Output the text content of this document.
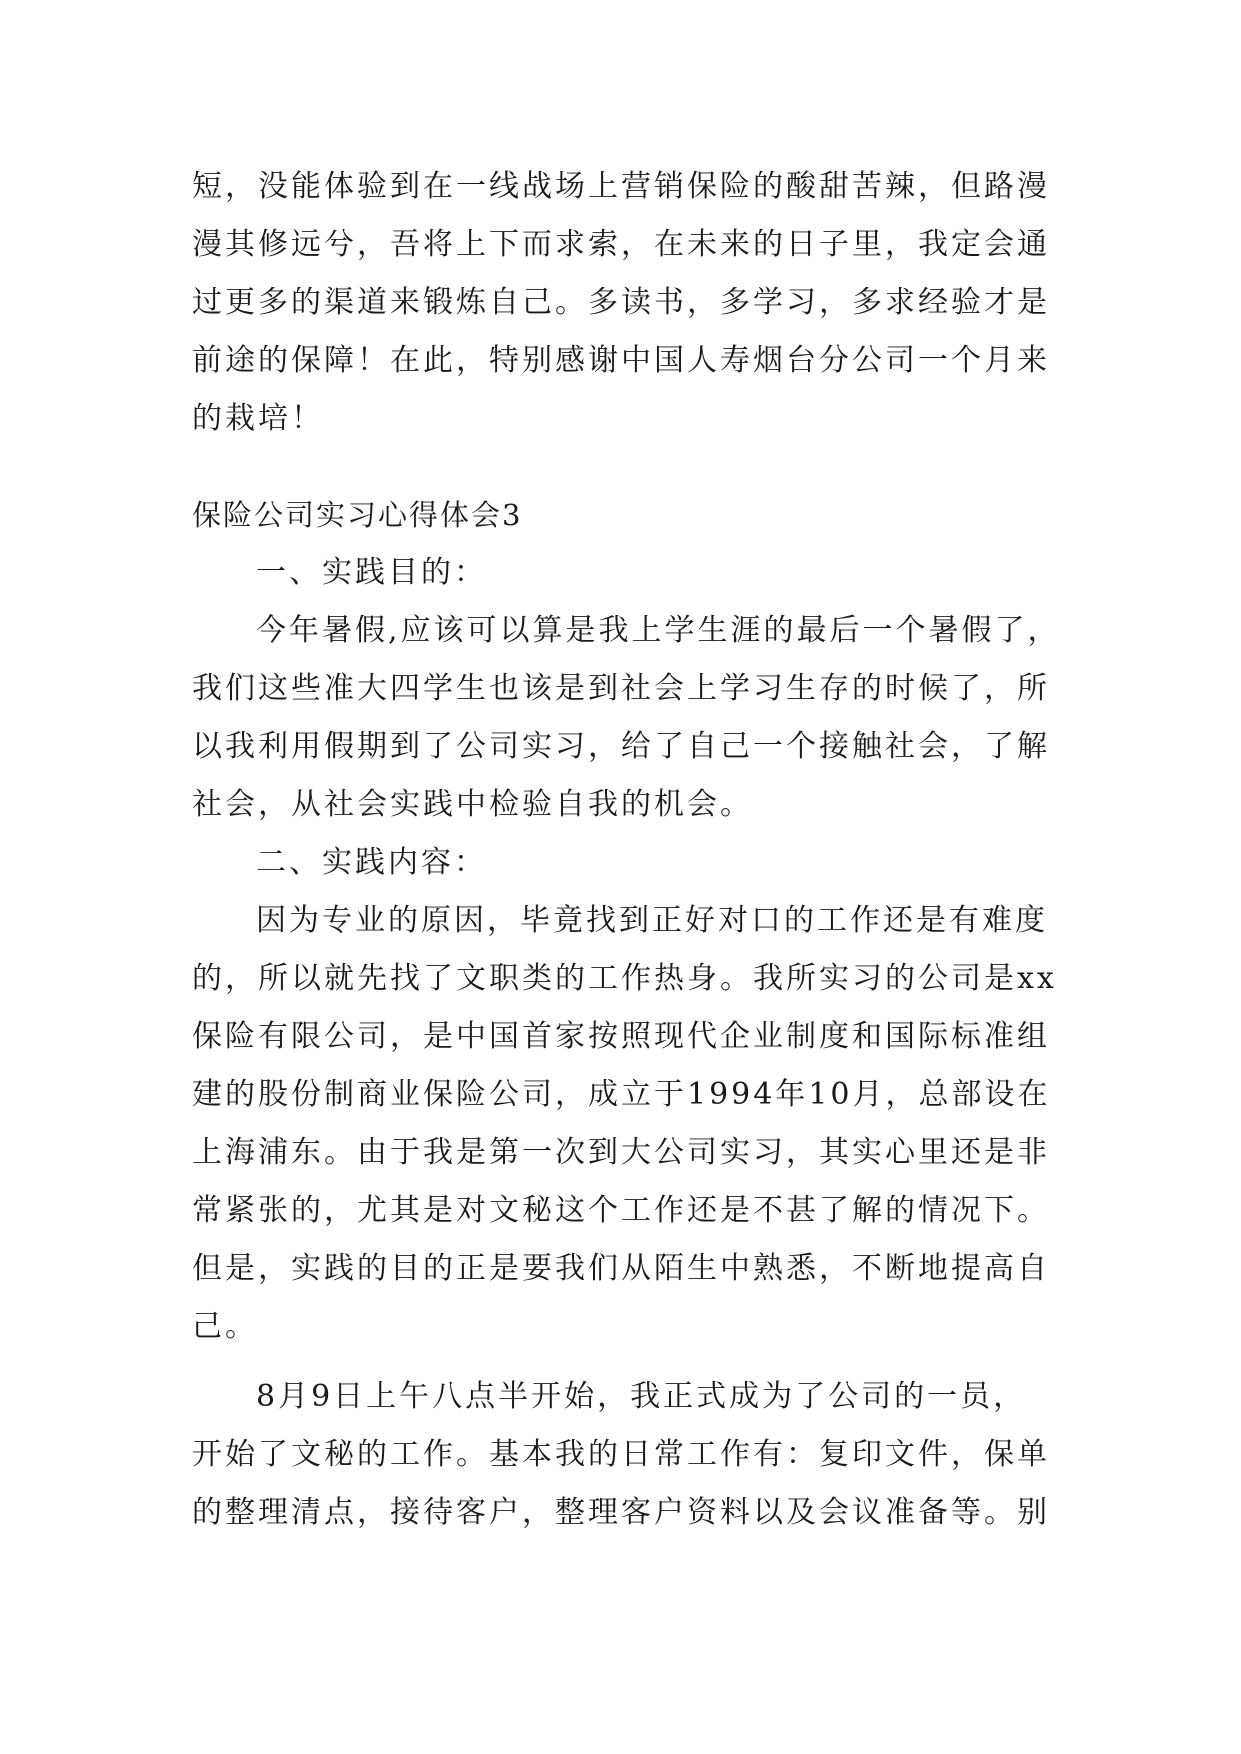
短，没能体验到在一线战场上营销保险的酸甜苦辣，但路漫
漫其修远兮，吾将上下而求索，在未来的日子里，我定会通
过更多的渠道来锻炼自己。多读书，多学习，多求经验才是
前途的保障！在此，特别感谢中国人寿烟台分公司一个月来
的栽培！
保险公司实习心得体会3
一、实践目的：
今年暑假,应该可以算是我上学生涯的最后一个暑假了，
我们这些准大四学生也该是到社会上学习生存的时候了，所
以我利用假期到了公司实习，给了自己一个接触社会，了解
社会，从社会实践中检验自我的机会。
二、实践内容：
因为专业的原因，毕竟找到正好对口的工作还是有难度
的，所以就先找了文职类的工作热身。我所实习的公司是xx
保险有限公司，是中国首家按照现代企业制度和国际标准组
建的股份制商业保险公司，成立于1994年10月，总部设在
上海浦东。由于我是第一次到大公司实习，其实心里还是非
常紧张的，尤其是对文秘这个工作还是不甚了解的情况下。
但是，实践的目的正是要我们从陌生中熟悉，不断地提高自
己。
8月9日上午八点半开始，我正式成为了公司的一员，
开始了文秘的工作。基本我的日常工作有：复印文件，保单
的整理清点，接待客户，整理客户资料以及会议准备等。别
